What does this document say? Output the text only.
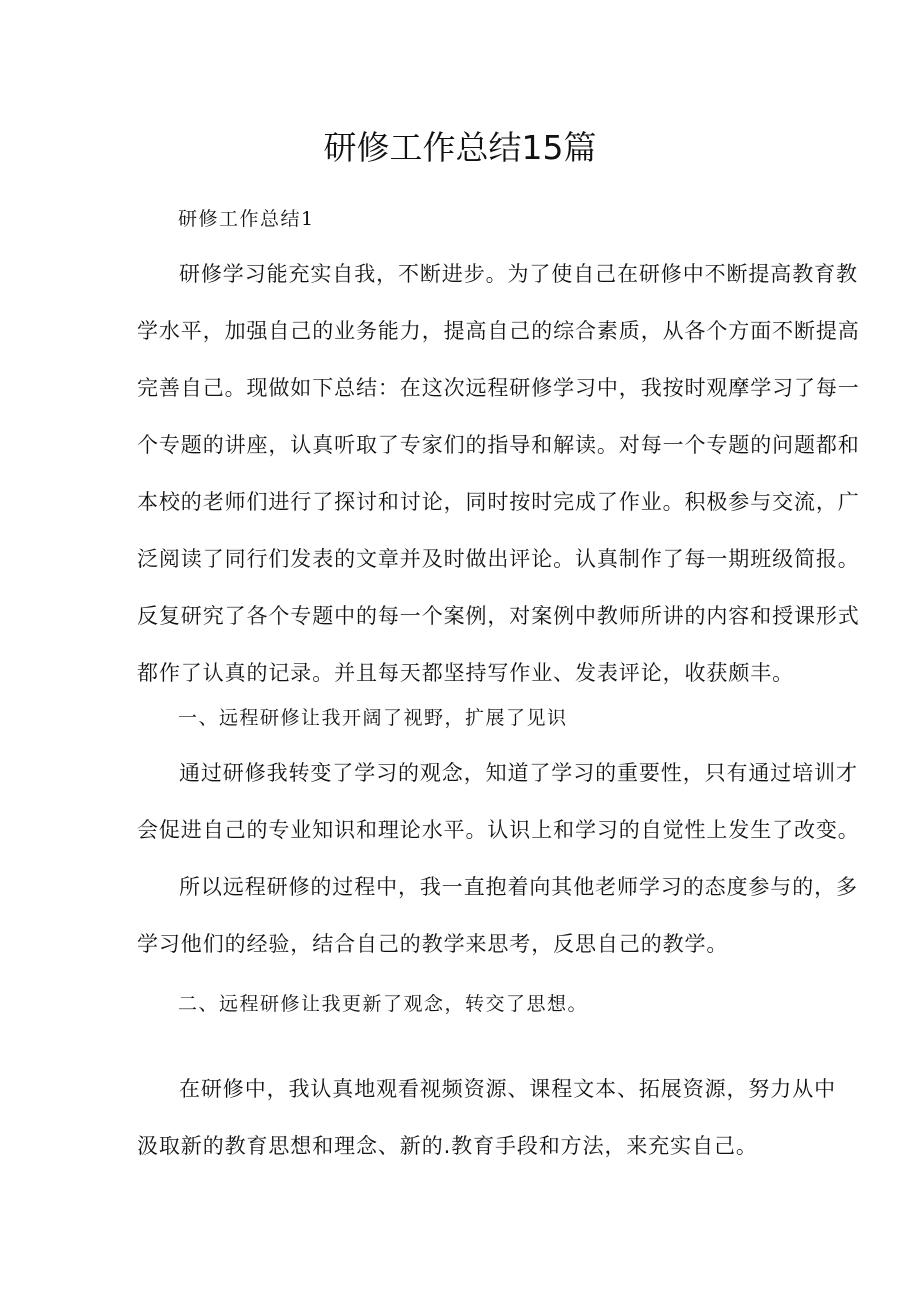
研修工作总结15篇

研修工作总结1

研修学习能充实自我，不断进步。为了使自己在研修中不断提高教育教
学水平，加强自己的业务能力，提高自己的综合素质，从各个方面不断提高
完善自己。现做如下总结：在这次远程研修学习中，我按时观摩学习了每一
个专题的讲座，认真听取了专家们的指导和解读。对每一个专题的问题都和
本校的老师们进行了探讨和讨论，同时按时完成了作业。积极参与交流，广
泛阅读了同行们发表的文章并及时做出评论。认真制作了每一期班级简报。
反复研究了各个专题中的每一个案例，对案例中教师所讲的内容和授课形式
都作了认真的记录。并且每天都坚持写作业、发表评论，收获颇丰。

一、远程研修让我开阔了视野，扩展了见识

通过研修我转变了学习的观念，知道了学习的重要性，只有通过培训才
会促进自己的专业知识和理论水平。认识上和学习的自觉性上发生了改变。
所以远程研修的过程中，我一直抱着向其他老师学习的态度参与的，多
学习他们的经验，结合自己的教学来思考，反思自己的教学。

二、远程研修让我更新了观念，转交了思想。

在研修中，我认真地观看视频资源、课程文本、拓展资源，努力从中
汲取新的教育思想和理念、新的.教育手段和方法，来充实自己。
